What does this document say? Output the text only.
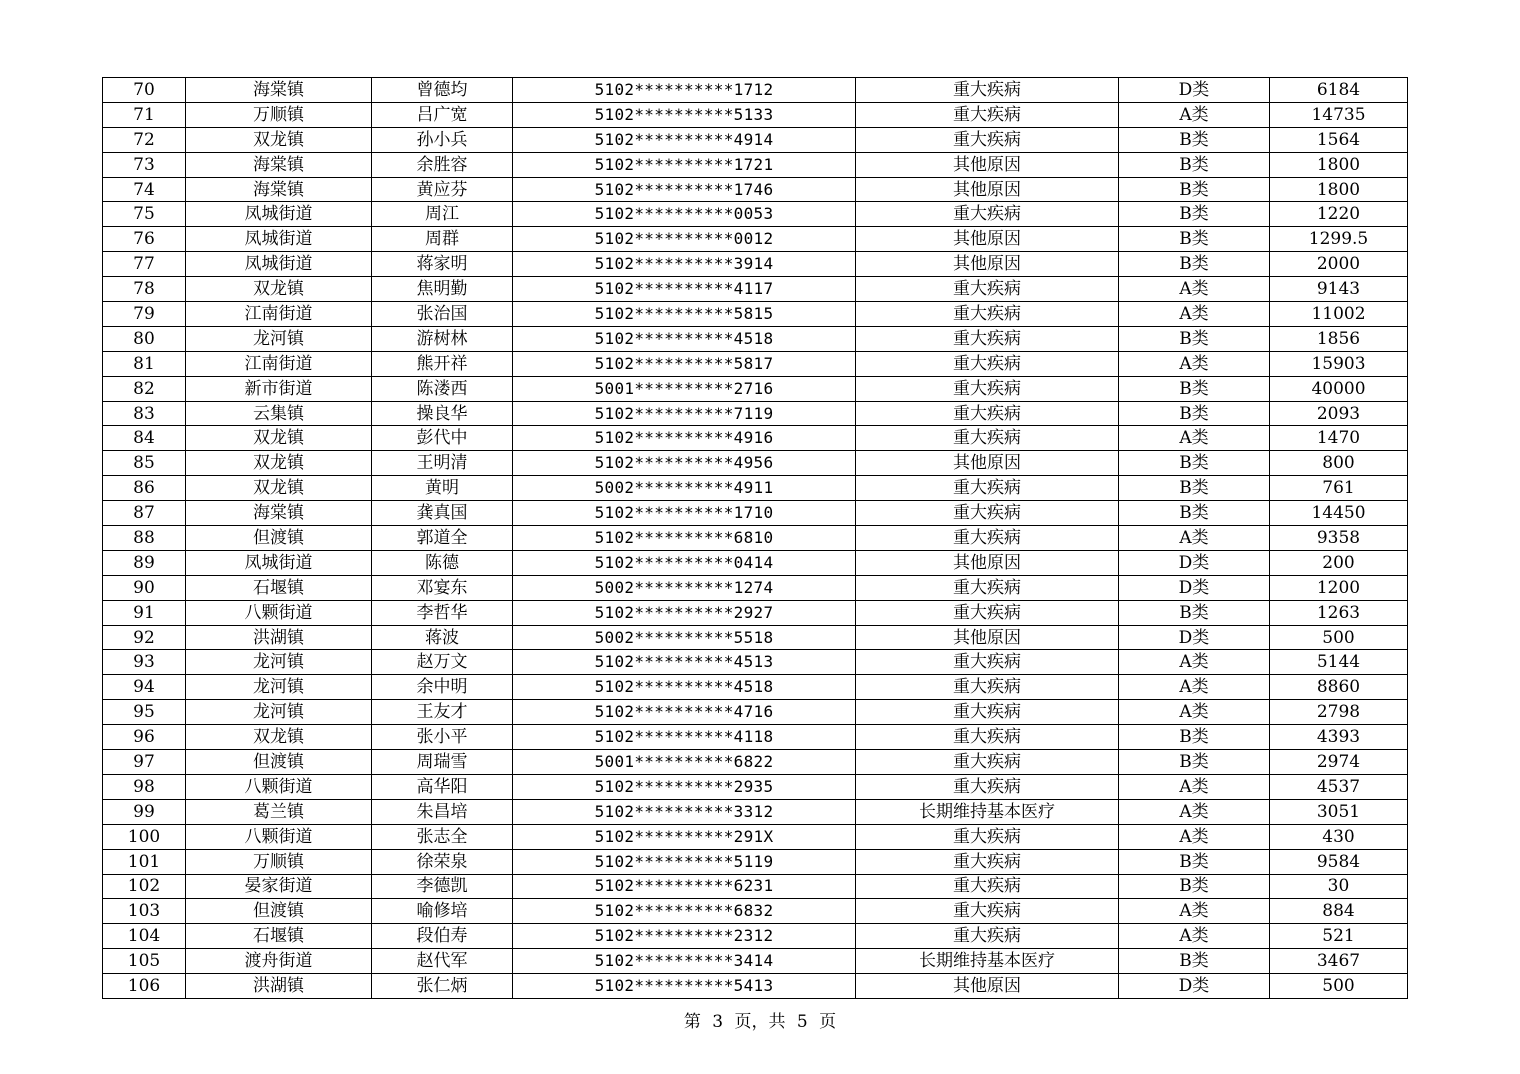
70	海棠镇	曾德均	5102**********1712	重大疾病	D类	6184
71	万顺镇	吕广宽	5102**********5133	重大疾病	A类	14735
72	双龙镇	孙小兵	5102**********4914	重大疾病	B类	1564
73	海棠镇	余胜容	5102**********1721	其他原因	B类	1800
74	海棠镇	黄应芬	5102**********1746	其他原因	B类	1800
75	凤城街道	周江	5102**********0053	重大疾病	B类	1220
76	凤城街道	周群	5102**********0012	其他原因	B类	1299.5
77	凤城街道	蒋家明	5102**********3914	其他原因	B类	2000
78	双龙镇	焦明勤	5102**********4117	重大疾病	A类	9143
79	江南街道	张治国	5102**********5815	重大疾病	A类	11002
80	龙河镇	游树林	5102**********4518	重大疾病	B类	1856
81	江南街道	熊开祥	5102**********5817	重大疾病	A类	15903
82	新市街道	陈溇西	5001**********2716	重大疾病	B类	40000
83	云集镇	操良华	5102**********7119	重大疾病	B类	2093
84	双龙镇	彭代中	5102**********4916	重大疾病	A类	1470
85	双龙镇	王明清	5102**********4956	其他原因	B类	800
86	双龙镇	黄明	5002**********4911	重大疾病	B类	761
87	海棠镇	龚真国	5102**********1710	重大疾病	B类	14450
88	但渡镇	郭道全	5102**********6810	重大疾病	A类	9358
89	凤城街道	陈德	5102**********0414	其他原因	D类	200
90	石堰镇	邓宴东	5002**********1274	重大疾病	D类	1200
91	八颗街道	李哲华	5102**********2927	重大疾病	B类	1263
92	洪湖镇	蒋波	5002**********5518	其他原因	D类	500
93	龙河镇	赵万文	5102**********4513	重大疾病	A类	5144
94	龙河镇	余中明	5102**********4518	重大疾病	A类	8860
95	龙河镇	王友才	5102**********4716	重大疾病	A类	2798
96	双龙镇	张小平	5102**********4118	重大疾病	B类	4393
97	但渡镇	周瑞雪	5001**********6822	重大疾病	B类	2974
98	八颗街道	高华阳	5102**********2935	重大疾病	A类	4537
99	葛兰镇	朱昌培	5102**********3312	长期维持基本医疗	A类	3051
100	八颗街道	张志全	5102**********291X	重大疾病	A类	430
101	万顺镇	徐荣泉	5102**********5119	重大疾病	B类	9584
102	晏家街道	李德凯	5102**********6231	重大疾病	B类	30
103	但渡镇	喻修培	5102**********6832	重大疾病	A类	884
104	石堰镇	段伯寿	5102**********2312	重大疾病	A类	521
105	渡舟街道	赵代军	5102**********3414	长期维持基本医疗	B类	3467
106	洪湖镇	张仁炳	5102**********5413	其他原因	D类	500
第 3 页，共 5 页
